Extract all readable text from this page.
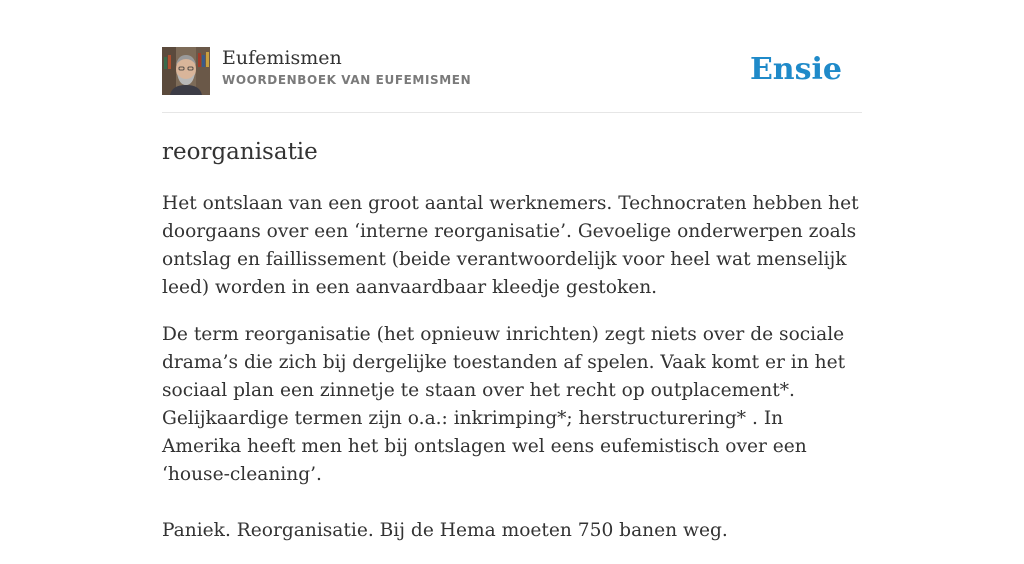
Eufemismen
WOORDENBOEK VAN EUFEMISMEN	Ensie
reorganisatie

Het ontslaan van een groot aantal werknemers. Technocraten hebben het doorgaans over een ‘interne reorganisatie’. Gevoelige onderwerpen zoals ontslag en faillissement (beide verantwoordelijk voor heel wat menselijk leed) worden in een aanvaardbaar kleedje gestoken.

De term reorganisatie (het opnieuw inrichten) zegt niets over de sociale drama’s die zich bij dergelijke toestanden af spelen. Vaak komt er in het sociaal plan een zinnetje te staan over het recht op outplacement*. Gelijkaardige termen zijn o.a.: inkrimping*; herstructurering* . In Amerika heeft men het bij ontslagen wel eens eufemistisch over een ‘house-cleaning’.

Paniek. Reorganisatie. Bij de Hema moeten 750 banen weg.
